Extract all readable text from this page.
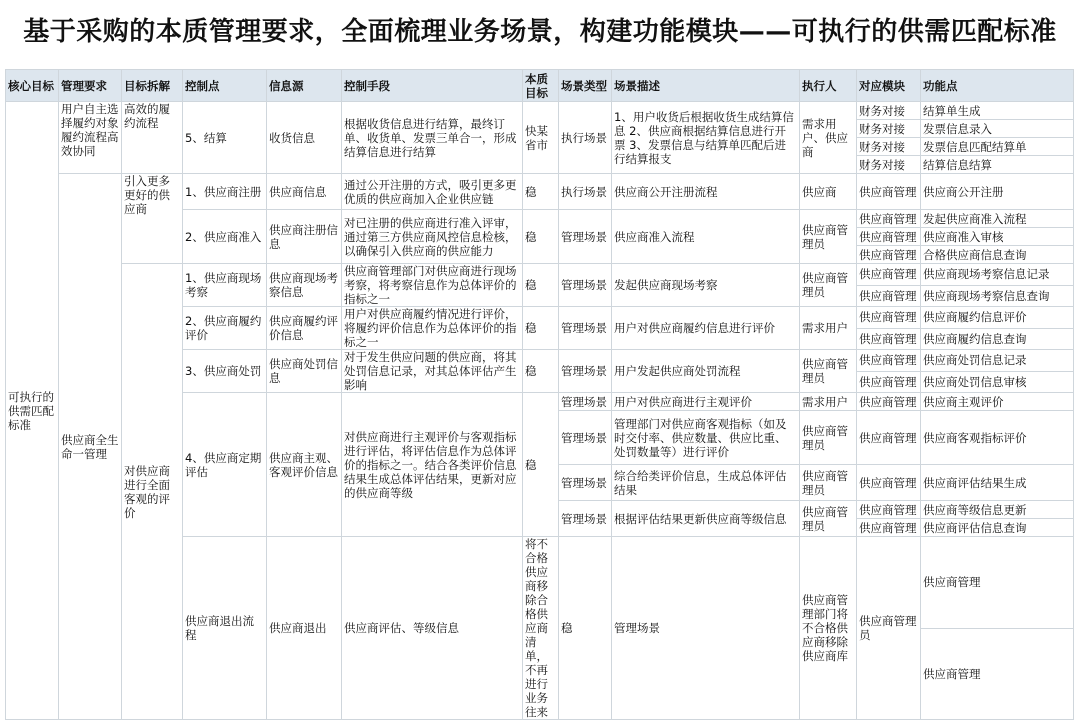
基于采购的本质管理要求，全面梳理业务场景，构建功能模块——可执行的供需匹配标准
核心目标	管理要求	目标拆解	控制点	信息源	控制手段	本质目标	场景类型	场景描述	执行人	对应模块	功能点	
可执行的供需匹配标准	用户自主选择履约对象履约流程高效协同	高效的履约流程	5、结算	收货信息	根据收货信息进行结算，最终订单、收货单、发票三单合一，形成结算信息进行结算	快某省市	执行场景	1、用户收货后根据收货生成结算信息 2、供应商根据结算信息进行开票 3、发票信息与结算单匹配后进行结算报支	需求用户、供应商	财务对接	结算单生成	
										财务对接	发票信息录入	
										财务对接	发票信息匹配结算单	
										财务对接	结算信息结算	
	供应商全生命一管理	引入更多更好的供应商	1、供应商注册	供应商信息	通过公开注册的方式，吸引更多更优质的供应商加入企业供应链	稳	执行场景	供应商公开注册流程	供应商	供应商管理	供应商公开注册	

			2、供应商准入	供应商注册信息	对已注册的供应商进行准入评审，通过第三方供应商风控信息检核，以确保引入供应商的供应能力	稳	管理场景	供应商准入流程	供应商管理员	供应商管理	发起供应商准入流程	
										供应商管理	供应商准入审核	
										供应商管理	合格供应商信息查询	
		对供应商进行全面客观的评价	1、供应商现场考察	供应商现场考察信息	供应商管理部门对供应商进行现场考察，将考察信息作为总体评价的指标之一	稳	管理场景	发起供应商现场考察	供应商管理员	供应商管理	供应商现场考察信息记录	
										供应商管理	供应商现场考察信息查询	
			2、供应商履约评价	供应商履约评价信息	用户对供应商履约情况进行评价，将履约评价信息作为总体评价的指标之一	稳	管理场景	用户对供应商履约信息进行评价	需求用户	供应商管理	供应商履约信息评价	
										供应商管理	供应商履约信息查询	
			3、供应商处罚	供应商处罚信息	对于发生供应问题的供应商，将其处罚信息记录，对其总体评估产生影响	稳	管理场景	用户发起供应商处罚流程	供应商管理员	供应商管理	供应商处罚信息记录	
										供应商管理	供应商处罚信息审核	
			4、供应商定期评估	供应商主观、客观评价信息	对供应商进行主观评价与客观指标进行评估，将评估信息作为总体评价的指标之一。结合各类评价信息结果生成总体评估结果，更新对应的供应商等级	稳	管理场景	用户对供应商进行主观评价	需求用户	供应商管理	供应商主观评价	
							管理场景	管理部门对供应商客观指标（如及时交付率、供应数量、供应比重、处罚数量等）进行评价	供应商管理员	供应商管理	供应商客观指标评价	

							管理场景	综合给类评价信息，生成总体评估结果	供应商管理员	供应商管理	供应商评估结果生成	

							管理场景	根据评估结果更新供应商等级信息	供应商管理员	供应商管理	供应商等级信息更新	
										供应商管理	供应商评估信息查询	
			供应商退出流程	供应商退出	供应商评估、等级信息	将不合格供应商移除合格供应商清单，不再进行业务往来	稳	管理场景	供应商管理部门将不合格供应商移除供应商库	供应商管理员	供应商管理	
											供应商管理	
